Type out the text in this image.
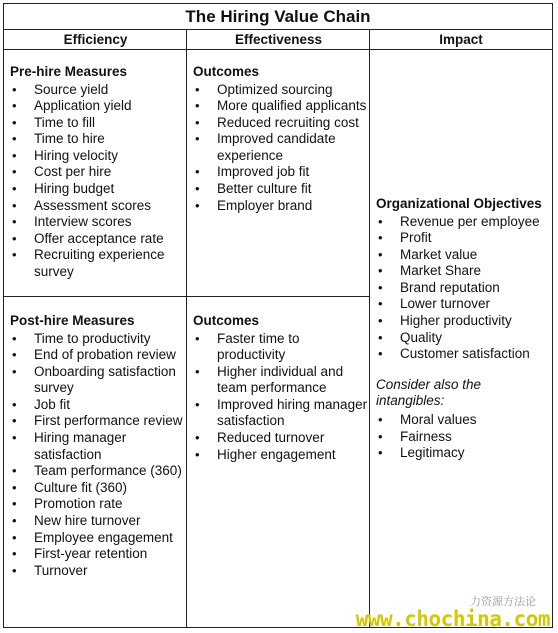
The Hiring Value Chain
Efficiency	Effectiveness	Impact
Pre-hire Measures
• Source yield
• Application yield
• Time to fill
• Time to hire
• Hiring velocity
• Cost per hire
• Hiring budget
• Assessment scores
• Interview scores
• Offer acceptance rate
• Recruiting experience survey
Outcomes
• Optimized sourcing
• More qualified applicants
• Reduced recruiting cost
• Improved candidate experience
• Improved job fit
• Better culture fit
• Employer brand
Post-hire Measures
• Time to productivity
• End of probation review
• Onboarding satisfaction survey
• Job fit
• First performance review
• Hiring manager satisfaction
• Team performance (360)
• Culture fit (360)
• Promotion rate
• New hire turnover
• Employee engagement
• First-year retention
• Turnover
Outcomes
• Faster time to productivity
• Higher individual and team performance
• Improved hiring manager satisfaction
• Reduced turnover
• Higher engagement
Organizational Objectives
• Revenue per employee
• Profit
• Market value
• Market Share
• Brand reputation
• Lower turnover
• Higher productivity
• Quality
• Customer satisfaction
Consider also the intangibles:
• Moral values
• Fairness
• Legitimacy
力资源方法论
www.chochina.com
